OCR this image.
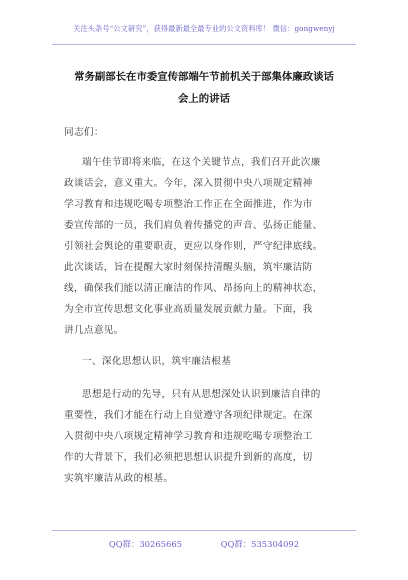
关注头条号“公文研究”，获得最新最全最专业的公文资料库！ 微信：gongwenyj
常务副部长在市委宣传部端午节前机关于部集体廉政谈话
会上的讲话
同志们：
端午佳节即将来临，在这个关键节点，我们召开此次廉
政谈话会，意义重大。今年，深入贯彻中央八项规定精神
学习教育和违规吃喝专项整治工作正在全面推进，作为市
委宣传部的一员，我们肩负着传播党的声音、弘扬正能量、
引领社会舆论的重要职责，更应以身作则，严守纪律底线。
此次谈话，旨在提醒大家时刻保持清醒头脑，筑牢廉洁防
线，确保我们能以清正廉洁的作风、昂扬向上的精神状态，
为全市宣传思想文化事业高质量发展贡献力量。下面，我
讲几点意见。
一、深化思想认识，筑牢廉洁根基
思想是行动的先导，只有从思想深处认识到廉洁自律的
重要性，我们才能在行动上自觉遵守各项纪律规定。在深
入贯彻中央八项规定精神学习教育和违规吃喝专项整治工
作的大背景下，我们必须把思想认识提升到新的高度，切
实筑牢廉洁从政的根基。
QQ群：30265665	QQ群：535304092
